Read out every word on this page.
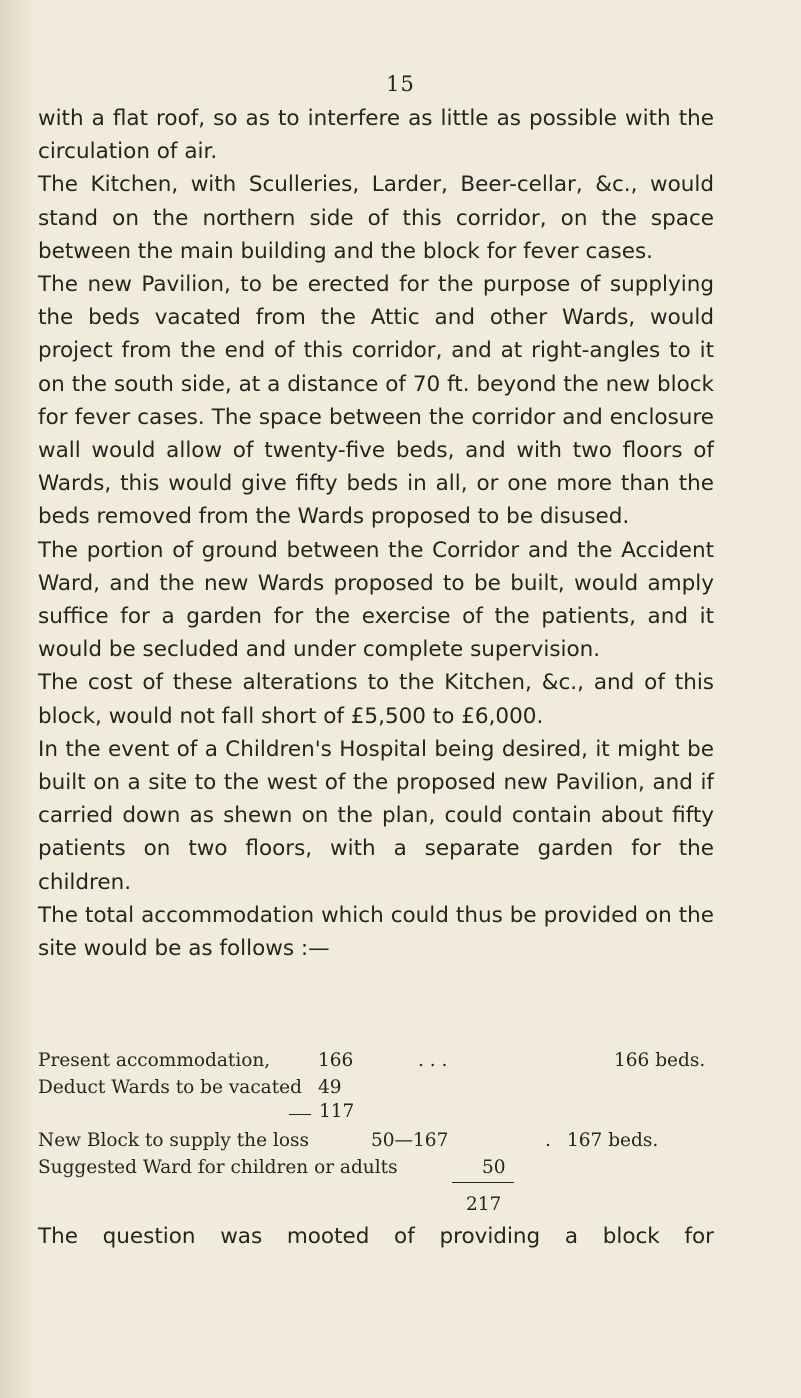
15

with a flat roof, so as to interfere as little as possible with the circulation of air.

The Kitchen, with Sculleries, Larder, Beer-cellar, &c., would stand on the northern side of this corridor, on the space between the main building and the block for fever cases.

The new Pavilion, to be erected for the purpose of supplying the beds vacated from the Attic and other Wards, would project from the end of this corridor, and at right-angles to it on the south side, at a distance of 70 ft. beyond the new block for fever cases. The space between the corridor and enclosure wall would allow of twenty-five beds, and with two floors of Wards, this would give fifty beds in all, or one more than the beds removed from the Wards proposed to be disused.

The portion of ground between the Corridor and the Accident Ward, and the new Wards proposed to be built, would amply suffice for a garden for the exercise of the patients, and it would be secluded and under complete supervision.

The cost of these alterations to the Kitchen, &c., and of this block, would not fall short of £5,500 to £6,000.

In the event of a Children's Hospital being desired, it might be built on a site to the west of the proposed new Pavilion, and if carried down as shewn on the plan, could contain about fifty patients on two floors, with a separate garden for the children.

The total accommodation which could thus be provided on the site would be as follows :—

Present accommodation,	166	. . .	166 beds.
Deduct Wards to be vacated 49
117
New Block to supply the loss	50—167	. 167 beds.
Suggested Ward for children or adults	50
217
The question was mooted of providing a block for
